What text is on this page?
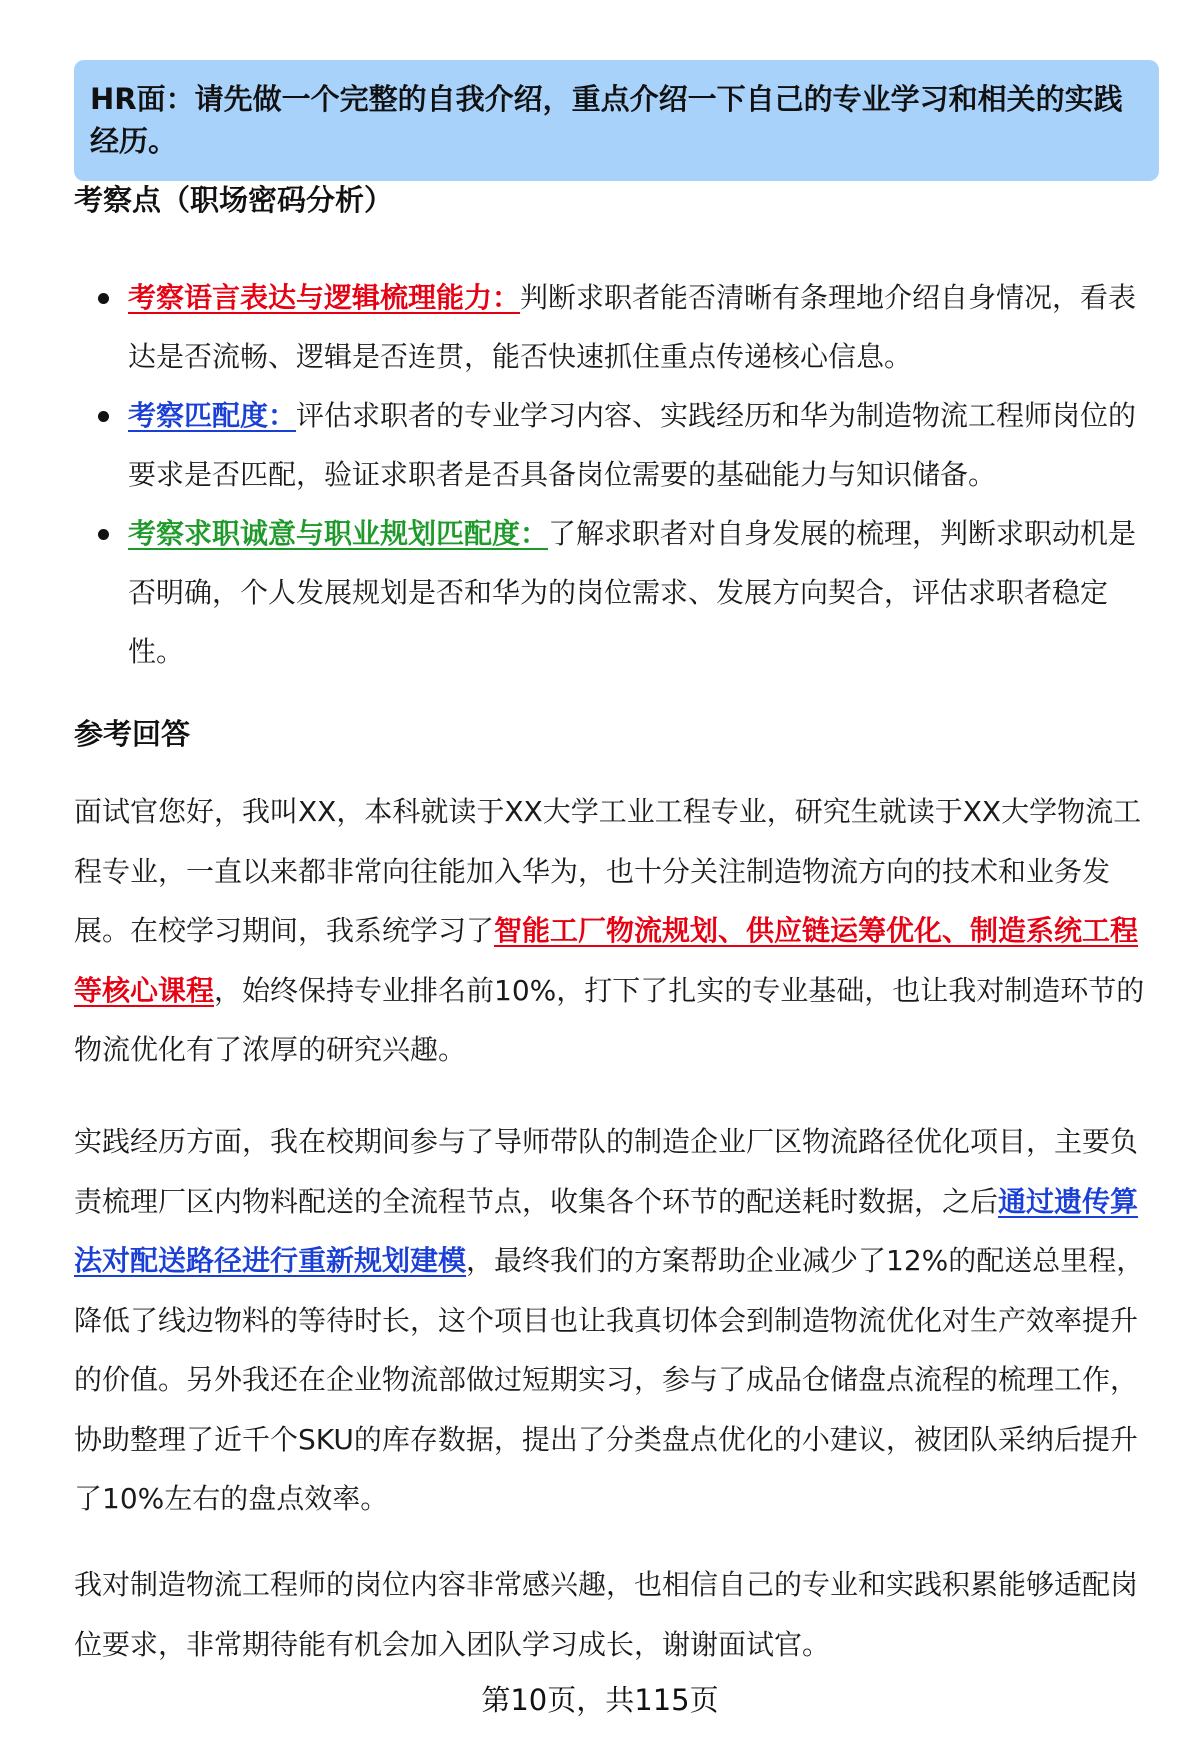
HR面：请先做一个完整的自我介绍，重点介绍一下自己的专业学习和相关的实践经历。
考察点（职场密码分析）
考察语言表达与逻辑梳理能力：判断求职者能否清晰有条理地介绍自身情况，看表达是否流畅、逻辑是否连贯，能否快速抓住重点传递核心信息。
考察匹配度：评估求职者的专业学习内容、实践经历和华为制造物流工程师岗位的要求是否匹配，验证求职者是否具备岗位需要的基础能力与知识储备。
考察求职诚意与职业规划匹配度：了解求职者对自身发展的梳理，判断求职动机是否明确，个人发展规划是否和华为的岗位需求、发展方向契合，评估求职者稳定性。
参考回答

面试官您好，我叫XX，本科就读于XX大学工业工程专业，研究生就读于XX大学物流工程专业，一直以来都非常向往能加入华为，也十分关注制造物流方向的技术和业务发展。在校学习期间，我系统学习了智能工厂物流规划、供应链运筹优化、制造系统工程等核心课程，始终保持专业排名前10%，打下了扎实的专业基础，也让我对制造环节的物流优化有了浓厚的研究兴趣。

实践经历方面，我在校期间参与了导师带队的制造企业厂区物流路径优化项目，主要负责梳理厂区内物料配送的全流程节点，收集各个环节的配送耗时数据，之后通过遗传算法对配送路径进行重新规划建模，最终我们的方案帮助企业减少了12%的配送总里程，降低了线边物料的等待时长，这个项目也让我真切体会到制造物流优化对生产效率提升的价值。另外我还在企业物流部做过短期实习，参与了成品仓储盘点流程的梳理工作，协助整理了近千个SKU的库存数据，提出了分类盘点优化的小建议，被团队采纳后提升了10%左右的盘点效率。

我对制造物流工程师的岗位内容非常感兴趣，也相信自己的专业和实践积累能够适配岗位要求，非常期待能有机会加入团队学习成长，谢谢面试官。

第10页，共115页
